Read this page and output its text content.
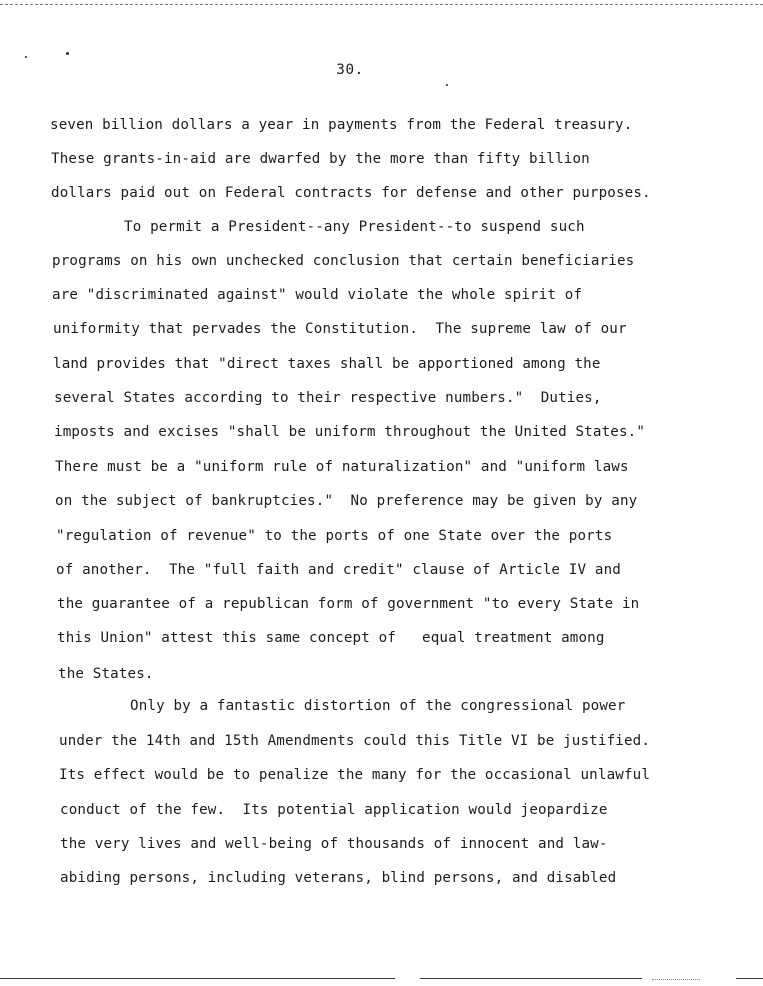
30.
seven billion dollars a year in payments from the Federal treasury.
These grants-in-aid are dwarfed by the more than fifty billion
dollars paid out on Federal contracts for defense and other purposes.
To permit a President--any President--to suspend such
programs on his own unchecked conclusion that certain beneficiaries
are "discriminated against" would violate the whole spirit of
uniformity that pervades the Constitution.  The supreme law of our
land provides that "direct taxes shall be apportioned among the
several States according to their respective numbers."  Duties,
imposts and excises "shall be uniform throughout the United States."
There must be a "uniform rule of naturalization" and "uniform laws
on the subject of bankruptcies."  No preference may be given by any
"regulation of revenue" to the ports of one State over the ports
of another.  The "full faith and credit" clause of Article IV and
the guarantee of a republican form of government "to every State in
this Union" attest this same concept of   equal treatment among
the States.
Only by a fantastic distortion of the congressional power
under the 14th and 15th Amendments could this Title VI be justified.
Its effect would be to penalize the many for the occasional unlawful
conduct of the few.  Its potential application would jeopardize
the very lives and well-being of thousands of innocent and law-
abiding persons, including veterans, blind persons, and disabled
